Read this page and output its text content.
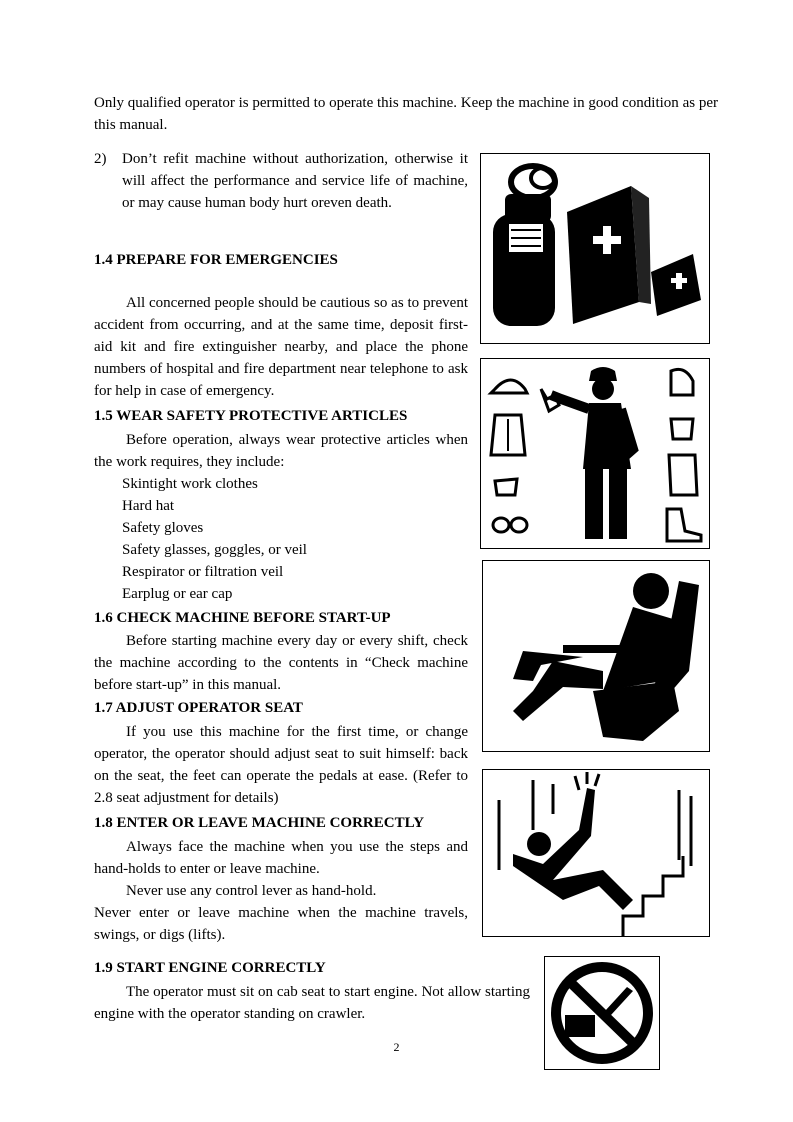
Only qualified operator is permitted to operate this machine. Keep the machine in good condition as per this manual.

2) Don’t refit machine without authorization, otherwise it will affect the performance and service life of machine, or may cause human body hurt oreven death.
1.4 PREPARE FOR EMERGENCIES

All concerned people should be cautious so as to prevent accident from occurring, and at the same time, deposit first-aid kit and fire extinguisher nearby, and place the phone numbers of hospital and fire department near telephone to ask for help in case of emergency.

1.5 WEAR SAFETY PROTECTIVE ARTICLES

Before operation, always wear protective articles when the work requires, they include:

Skintight work clothes
Hard hat
Safety gloves
Safety glasses, goggles, or veil
Respirator or filtration veil
Earplug or ear cap
1.6 CHECK MACHINE BEFORE START-UP

Before starting machine every day or every shift, check the machine according to the contents in “Check machine before start-up” in this manual.

1.7 ADJUST OPERATOR SEAT

If you use this machine for the first time, or change operator, the operator should adjust seat to suit himself: back on the seat, the feet can operate the pedals at ease. (Refer to 2.8 seat adjustment for details)

1.8 ENTER OR LEAVE MACHINE CORRECTLY

Always face the machine when you use the steps and hand-holds to enter or leave machine.

Never use any control lever as hand-hold.

Never enter or leave machine when the machine travels, swings, or digs (lifts).

1.9 START ENGINE CORRECTLY

The operator must sit on cab seat to start engine. Not allow starting engine with the operator standing on crawler.

2
